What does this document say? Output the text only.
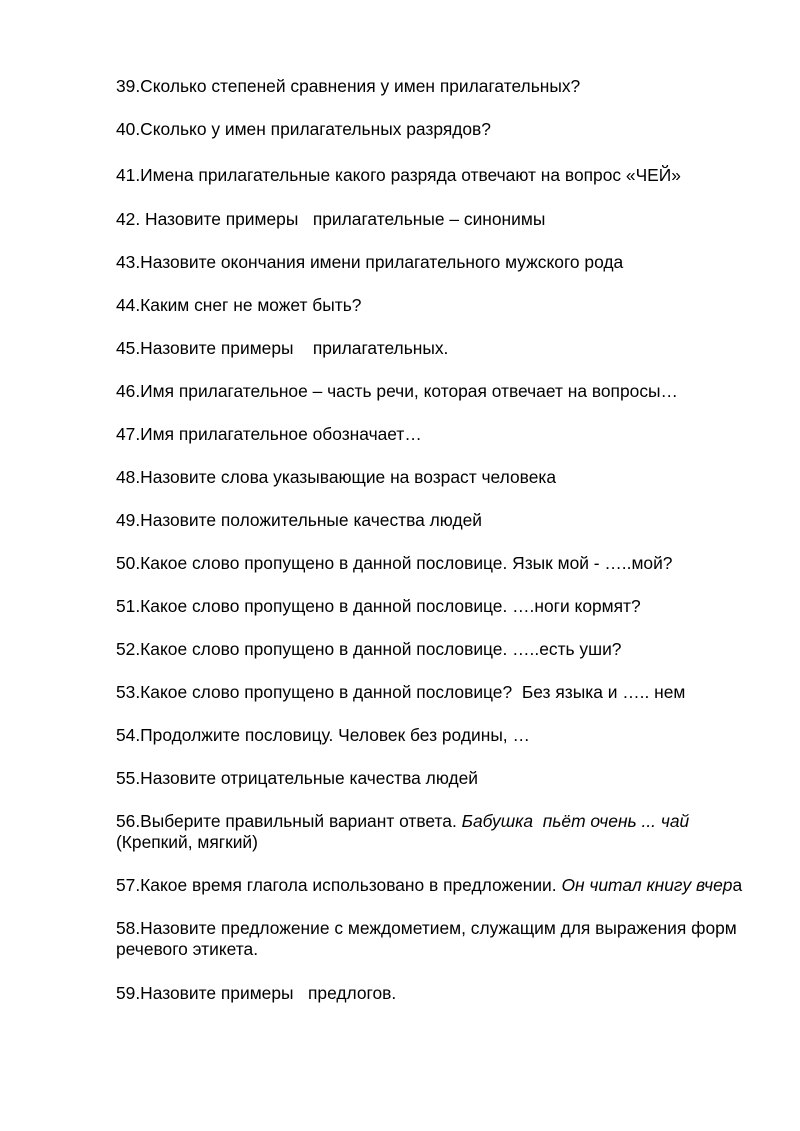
39.Сколько степеней сравнения у имен прилагательных?

40.Сколько у имен прилагательных разрядов?

41.Имена прилагательные какого разряда отвечают на вопрос «ЧЕЙ»

42. Назовите примеры   прилагательные – синонимы

43.Назовите окончания имени прилагательного мужского рода

44.Каким снег не может быть?

45.Назовите примеры    прилагательных.

46.Имя прилагательное – часть речи, которая отвечает на вопросы…

47.Имя прилагательное обозначает…

48.Назовите слова указывающие на возраст человека

49.Назовите положительные качества людей

50.Какое слово пропущено в данной пословице. Язык мой - …..мой?

51.Какое слово пропущено в данной пословице. ….ноги кормят?

52.Какое слово пропущено в данной пословице. …..есть уши?

53.Какое слово пропущено в данной пословице?  Без языка и ….. нем

54.Продолжите пословицу. Человек без родины, …

55.Назовите отрицательные качества людей

56.Выберите правильный вариант ответа. Бабушка  пьёт очень ... чай (Крепкий, мягкий)

57.Какое время глагола использовано в предложении. Он читал книгу вчера

58.Назовите предложение с междометием, служащим для выражения форм речевого этикета.

59.Назовите примеры   предлогов.
